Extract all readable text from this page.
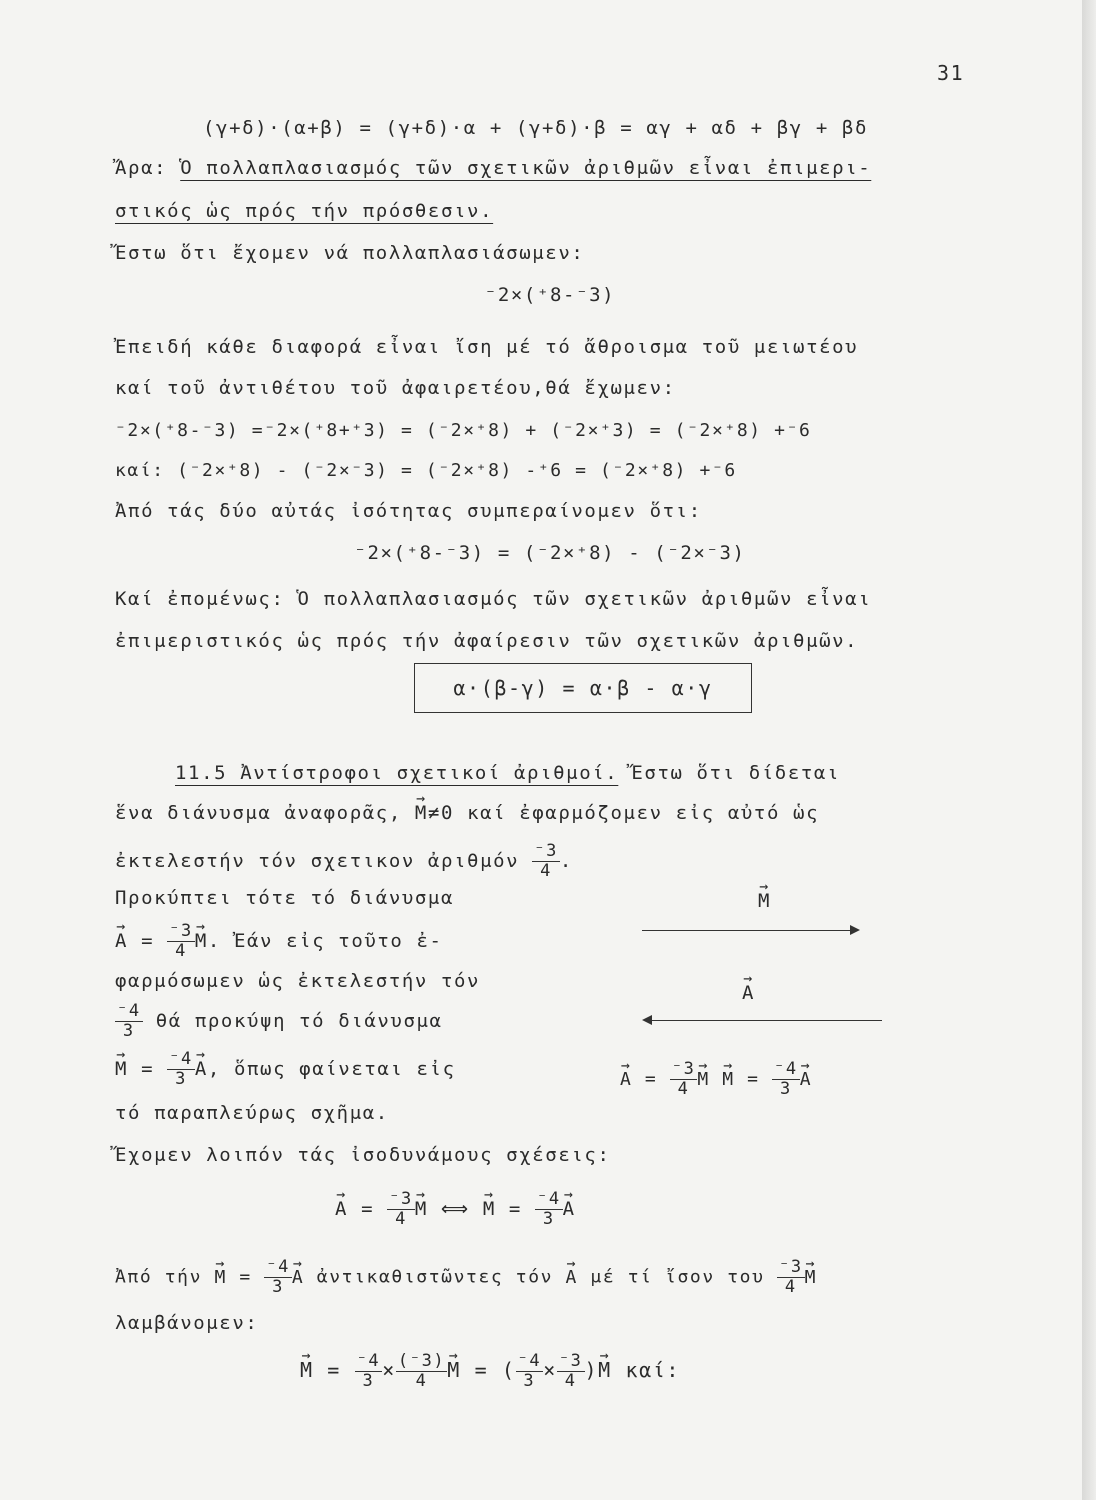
31
(γ+δ)·(α+β) = (γ+δ)·α + (γ+δ)·β = αγ + αδ + βγ + βδ
Ἄρα: Ὁ πολλαπλασιασμός τῶν σχετικῶν ἀριθμῶν εἶναι ἐπιμερι-
στικός ὡς πρός τήν πρόσθεσιν.
Ἔστω ὅτι ἔχομεν νά πολλαπλασιάσωμεν:
⁻2×(⁺8-⁻3)
Ἐπειδή κάθε διαφορά εἶναι ἴση μέ τό ἄθροισμα τοῦ μειωτέου
καί τοῦ ἀντιθέτου τοῦ ἀφαιρετέου,θά ἔχωμεν:
⁻2×(⁺8-⁻3) =⁻2×(⁺8+⁺3) = (⁻2×⁺8) + (⁻2×⁺3) = (⁻2×⁺8) +⁻6
καί: (⁻2×⁺8) - (⁻2×⁻3) = (⁻2×⁺8) -⁺6 = (⁻2×⁺8) +⁻6
Ἀπό τάς δύο αὐτάς ἰσότητας συμπεραίνομεν ὅτι:
⁻2×(⁺8-⁻3) = (⁻2×⁺8) - (⁻2×⁻3)
Καί ἐπομένως: Ὁ πολλαπλασιασμός τῶν σχετικῶν ἀριθμῶν εἶναι
ἐπιμεριστικός ὡς πρός τήν ἀφαίρεσιν τῶν σχετικῶν ἀριθμῶν.
α·(β-γ) = α·β - α·γ
11.5 Ἀντίστροφοι σχετικοί ἀριθμοί. Ἔστω ὅτι δίδεται
ἕνα διάνυσμα ἀναφορᾶς, → M≠0 καί ἐφαρμόζομεν εἰς αὐτό ὡς
ἐκτελεστήν τόν σχετικον ἀριθμόν $\frac{^-3}{4}$ .
Προκύπτει τότε τό διάνυσμα
→ $A = \frac{^-3}{4}$
→ M. Ἐάν εἰς τοῦτο ἐ-
φαρμόσωμεν ὡς ἐκτελεστήν τόν
$\frac{^-4}{3}$ θά προκύψη τό διάνυσμα
→ $M = \frac{^-4}{3}$
→ A, ὅπως φαίνεται εἰς
τό παραπλεύρως σχῆμα.
→ M
→ A
→ $A = \frac{^-3}{4}$
→ $M \to M = \frac{^-4}{3}$
→ A
Ἔχομεν λοιπόν τάς ἰσοδυνάμους σχέσεις:
→ $A = \frac{^-3}{4}$
→ M ⟺ → $M = \frac{^-4}{3}$
→ A
Ἀπό $\tau ή\nu \to M = \frac{^-4}{3}$
→ A ἀντικαθιστῶντες τόν → A μέ τί ἴσον του $\frac{^-3}{4}$
→ M
λαμβάνομεν:
→ $M = \frac{^-4}{3} \times \frac{(^-3)}{4}$
→ M = ( $\frac{^-4}{3} \times \frac{^-3}{4}$ )→ M καί:
